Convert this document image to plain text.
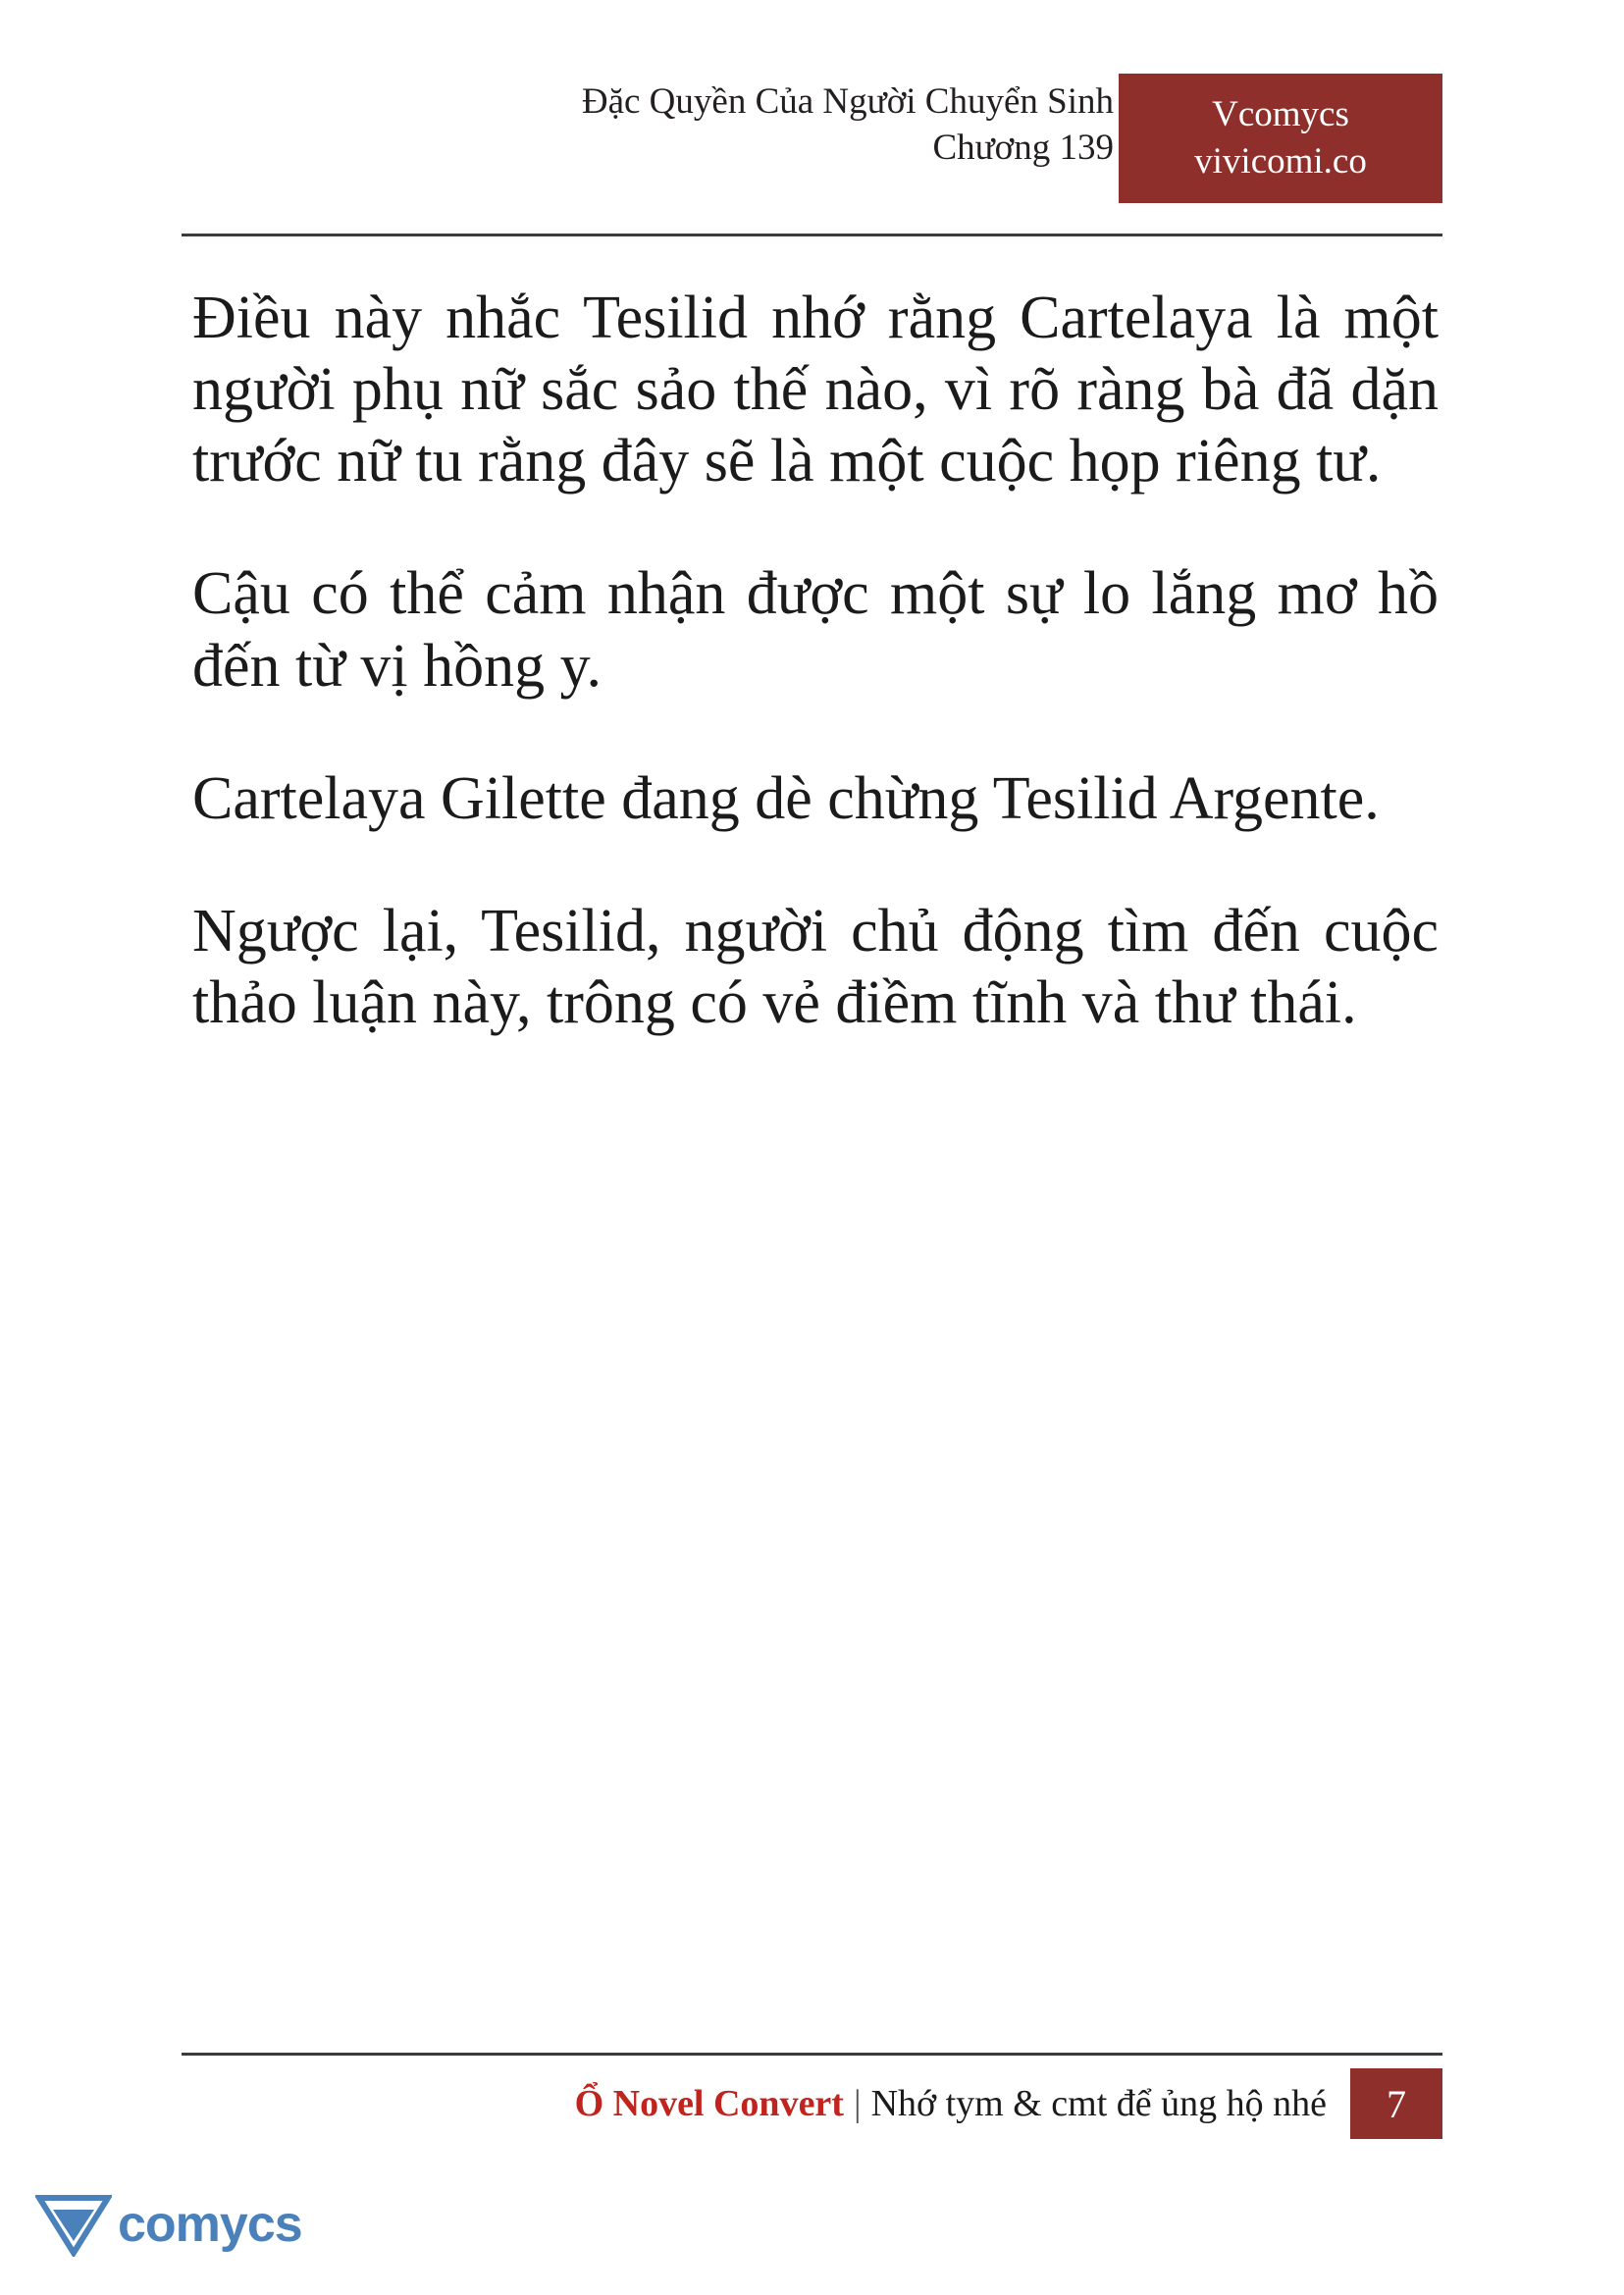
Đặc Quyền Của Người Chuyển Sinh
Chương 139
Vcomycs
vivicomi.co

Điều này nhắc Tesilid nhớ rằng Cartelaya là một người phụ nữ sắc sảo thế nào, vì rõ ràng bà đã dặn trước nữ tu rằng đây sẽ là một cuộc họp riêng tư.

Cậu có thể cảm nhận được một sự lo lắng mơ hồ đến từ vị hồng y.

Cartelaya Gilette đang dè chừng Tesilid Argente.

Ngược lại, Tesilid, người chủ động tìm đến cuộc thảo luận này, trông có vẻ điềm tĩnh và thư thái.

Ổ Novel Convert | Nhớ tym & cmt để ủng hộ nhé	7
comycs
